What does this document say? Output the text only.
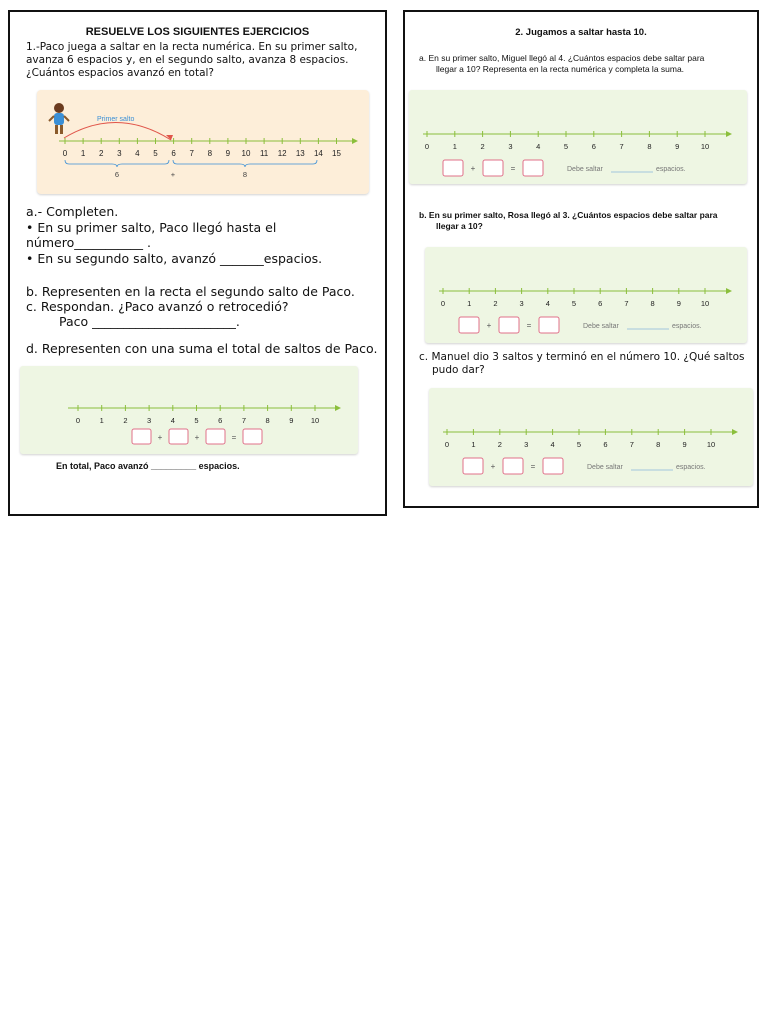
RESUELVE LOS SIGUIENTES EJERCICIOS
1.-Paco juega a saltar en la recta numérica. En su primer salto,
avanza 6 espacios y, en el segundo salto, avanza 8 espacios.
¿Cuántos espacios avanzó en total?
Primer salto
0 1 2 3 4 5 6 7 8 9 10 11 12 13 14 15
6	+	8
a.- Completen.
• En su primer salto, Paco llegó hasta el
número___________ .
• En su segundo salto, avanzó _______espacios.
b. Representen en la recta el segundo salto de Paco.
c. Respondan. ¿Paco avanzó o retrocedió?
Paco _______________________.
d. Representen con una suma el total de saltos de Paco.
0	1	2	3	4	5	6	7	8	9 10
+	+	=
En total, Paco avanzó _________ espacios.
2. Jugamos a saltar hasta 10.
a. En su primer salto, Miguel llegó al 4. ¿Cuántos espacios debe saltar para
llegar a 10? Representa en la recta numérica y completa la suma.
0	1	2	3	4	5	6	7	8	9	10
+	=	Debe saltar	espacios.
b. En su primer salto, Rosa llegó al 3. ¿Cuántos espacios debe saltar para
llegar a 10?
0	1	2	3	4	5	6	7	8	9	10
+	=	Debe saltar	espacios.
c. Manuel dio 3 saltos y terminó en el número 10. ¿Qué saltos
pudo dar?
0	1	2	3	4	5	6	7	8	9	10
+	=	Debe saltar	espacios.
